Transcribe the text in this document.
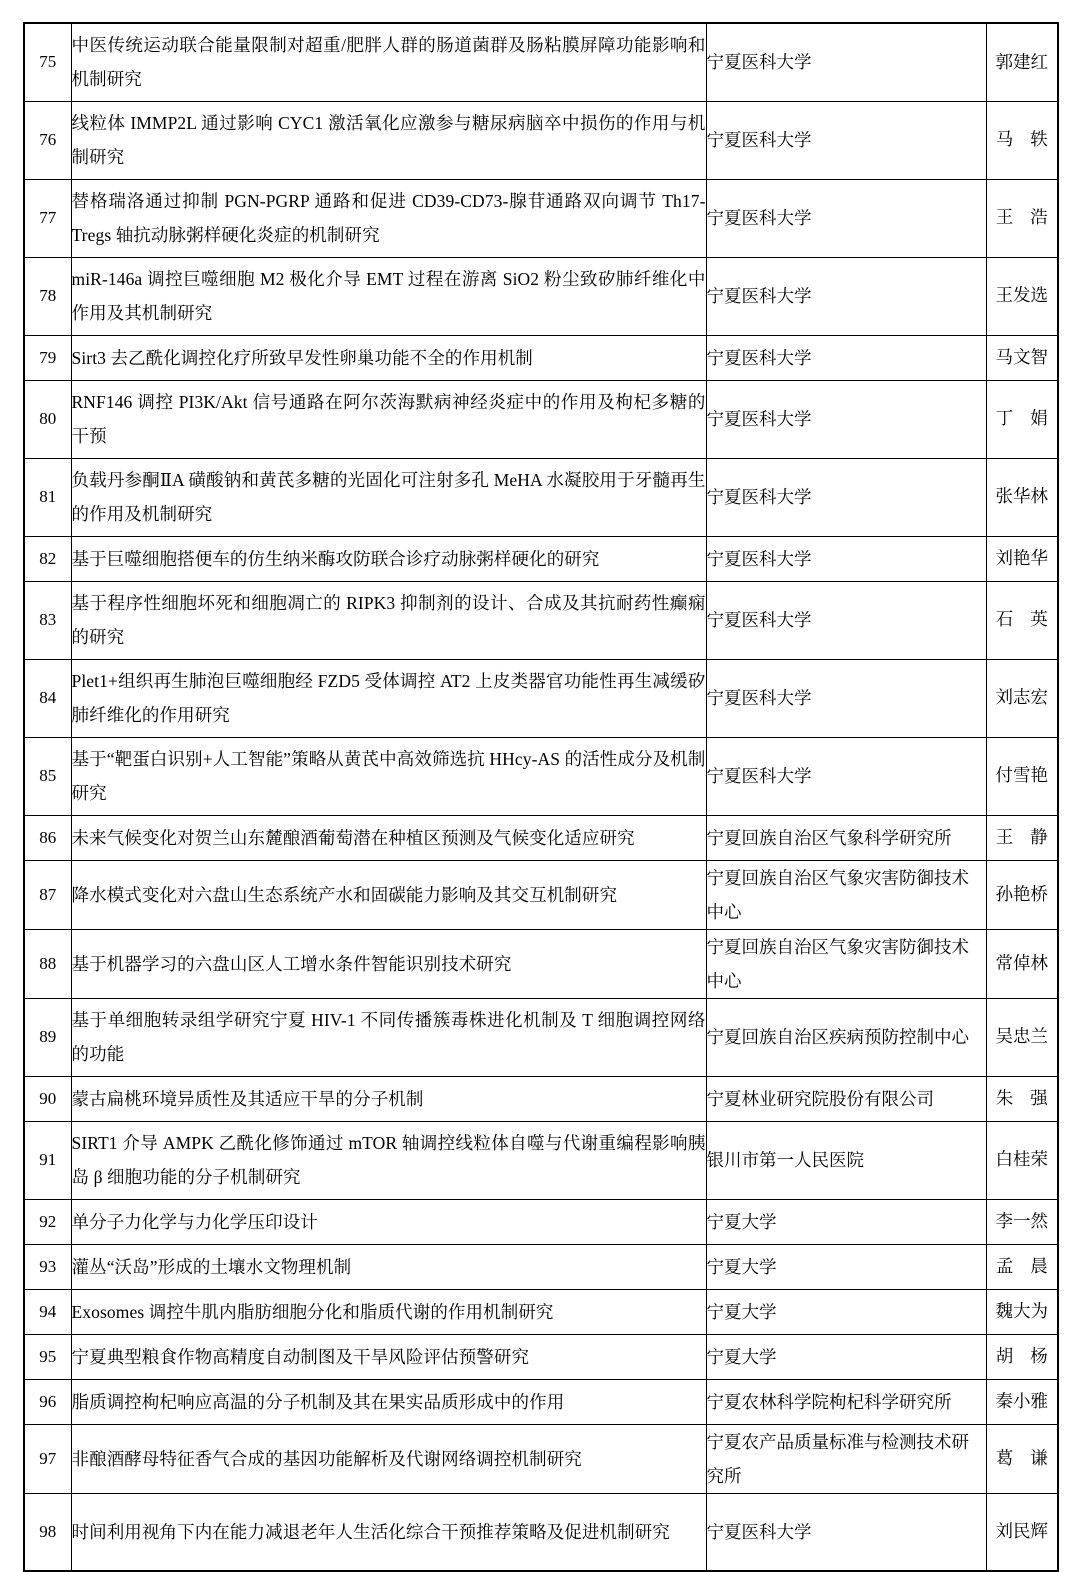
75	中医传统运动联合能量限制对超重/肥胖人群的肠道菌群及肠粘膜屏障功能影响和机制研究	宁夏医科大学	郭建红
76	线粒体 IMMP2L 通过影响 CYC1 激活氧化应激参与糖尿病脑卒中损伤的作用与机制研究	宁夏医科大学	马 轶
77	替格瑞洛通过抑制 PGN-PGRP 通路和促进 CD39-CD73-腺苷通路双向调节 Th17-Tregs 轴抗动脉粥样硬化炎症的机制研究	宁夏医科大学	王 浩
78	miR-146a 调控巨噬细胞 M2 极化介导 EMT 过程在游离 SiO2 粉尘致矽肺纤维化中作用及其机制研究	宁夏医科大学	王发选
79	Sirt3 去乙酰化调控化疗所致早发性卵巢功能不全的作用机制	宁夏医科大学	马文智
80	RNF146 调控 PI3K/Akt 信号通路在阿尔茨海默病神经炎症中的作用及枸杞多糖的干预	宁夏医科大学	丁 娟
81	负载丹参酮ⅡA 磺酸钠和黄芪多糖的光固化可注射多孔 MeHA 水凝胶用于牙髓再生的作用及机制研究	宁夏医科大学	张华林
82	基于巨噬细胞搭便车的仿生纳米酶攻防联合诊疗动脉粥样硬化的研究	宁夏医科大学	刘艳华
83	基于程序性细胞坏死和细胞凋亡的 RIPK3 抑制剂的设计、合成及其抗耐药性癫痫的研究	宁夏医科大学	石 英
84	Plet1+组织再生肺泡巨噬细胞经 FZD5 受体调控 AT2 上皮类器官功能性再生减缓矽肺纤维化的作用研究	宁夏医科大学	刘志宏
85	基于“靶蛋白识别+人工智能”策略从黄芪中高效筛选抗 HHcy-AS 的活性成分及机制研究	宁夏医科大学	付雪艳
86	未来气候变化对贺兰山东麓酿酒葡萄潜在种植区预测及气候变化适应研究	宁夏回族自治区气象科学研究所	王 静
87	降水模式变化对六盘山生态系统产水和固碳能力影响及其交互机制研究	宁夏回族自治区气象灾害防御技术中心	孙艳桥
88	基于机器学习的六盘山区人工增水条件智能识别技术研究	宁夏回族自治区气象灾害防御技术中心	常倬林
89	基于单细胞转录组学研究宁夏 HIV-1 不同传播簇毒株进化机制及 T 细胞调控网络的功能	宁夏回族自治区疾病预防控制中心	吴忠兰
90	蒙古扁桃环境异质性及其适应干旱的分子机制	宁夏林业研究院股份有限公司	朱 强
91	SIRT1 介导 AMPK 乙酰化修饰通过 mTOR 轴调控线粒体自噬与代谢重编程影响胰岛 β 细胞功能的分子机制研究	银川市第一人民医院	白桂荣
92	单分子力化学与力化学压印设计	宁夏大学	李一然
93	灌丛“沃岛”形成的土壤水文物理机制	宁夏大学	孟 晨
94	Exosomes 调控牛肌内脂肪细胞分化和脂质代谢的作用机制研究	宁夏大学	魏大为
95	宁夏典型粮食作物高精度自动制图及干旱风险评估预警研究	宁夏大学	胡 杨
96	脂质调控枸杞响应高温的分子机制及其在果实品质形成中的作用	宁夏农林科学院枸杞科学研究所	秦小雅
97	非酿酒酵母特征香气合成的基因功能解析及代谢网络调控机制研究	宁夏农产品质量标准与检测技术研究所	葛 谦
98	时间利用视角下内在能力减退老年人生活化综合干预推荐策略及促进机制研究	宁夏医科大学	刘民辉
